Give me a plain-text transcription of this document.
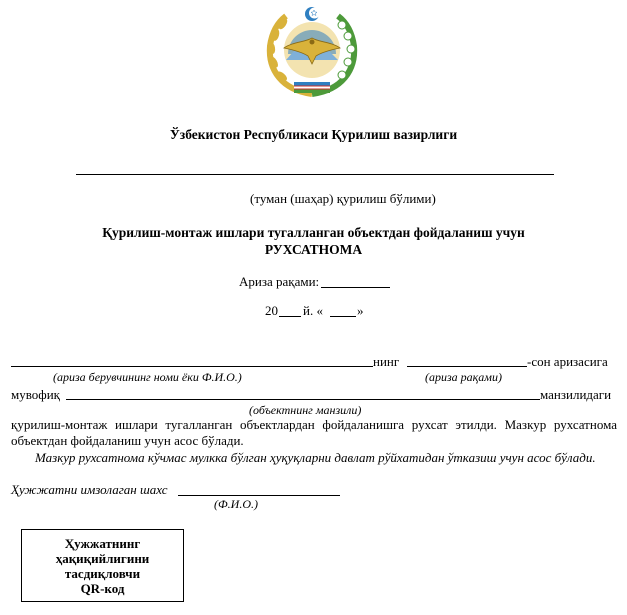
Ўзбекистон Республикаси Қурилиш вазирлиги
(туман (шаҳар) қурилиш бўлими)
Қурилиш-монтаж ишлари тугалланган объектдан фойдаланиш учун
РУХСАТНОМА
Ариза рақами:
20 й. «	»
нинг	-сон аризасига
(ариза берувчининг номи ёки Ф.И.О.)	(ариза рақами)
мувофиқ	манзилидаги
(объектнинг манзили)
қурилиш-монтаж ишлари тугалланган объектлардан фойдаланишга рухсат этилди. Мазкур рухсатнома объектдан фойдаланиш учун асос бўлади.
Мазкур рухсатнома кўчмас мулкка бўлган ҳуқуқларни давлат рўйхатидан ўтказиш учун асос бўлади.
Ҳужжатни имзолаган шахс
(Ф.И.О.)
Ҳужжатнинг
ҳақиқийлигини
тасдиқловчи
QR-код
